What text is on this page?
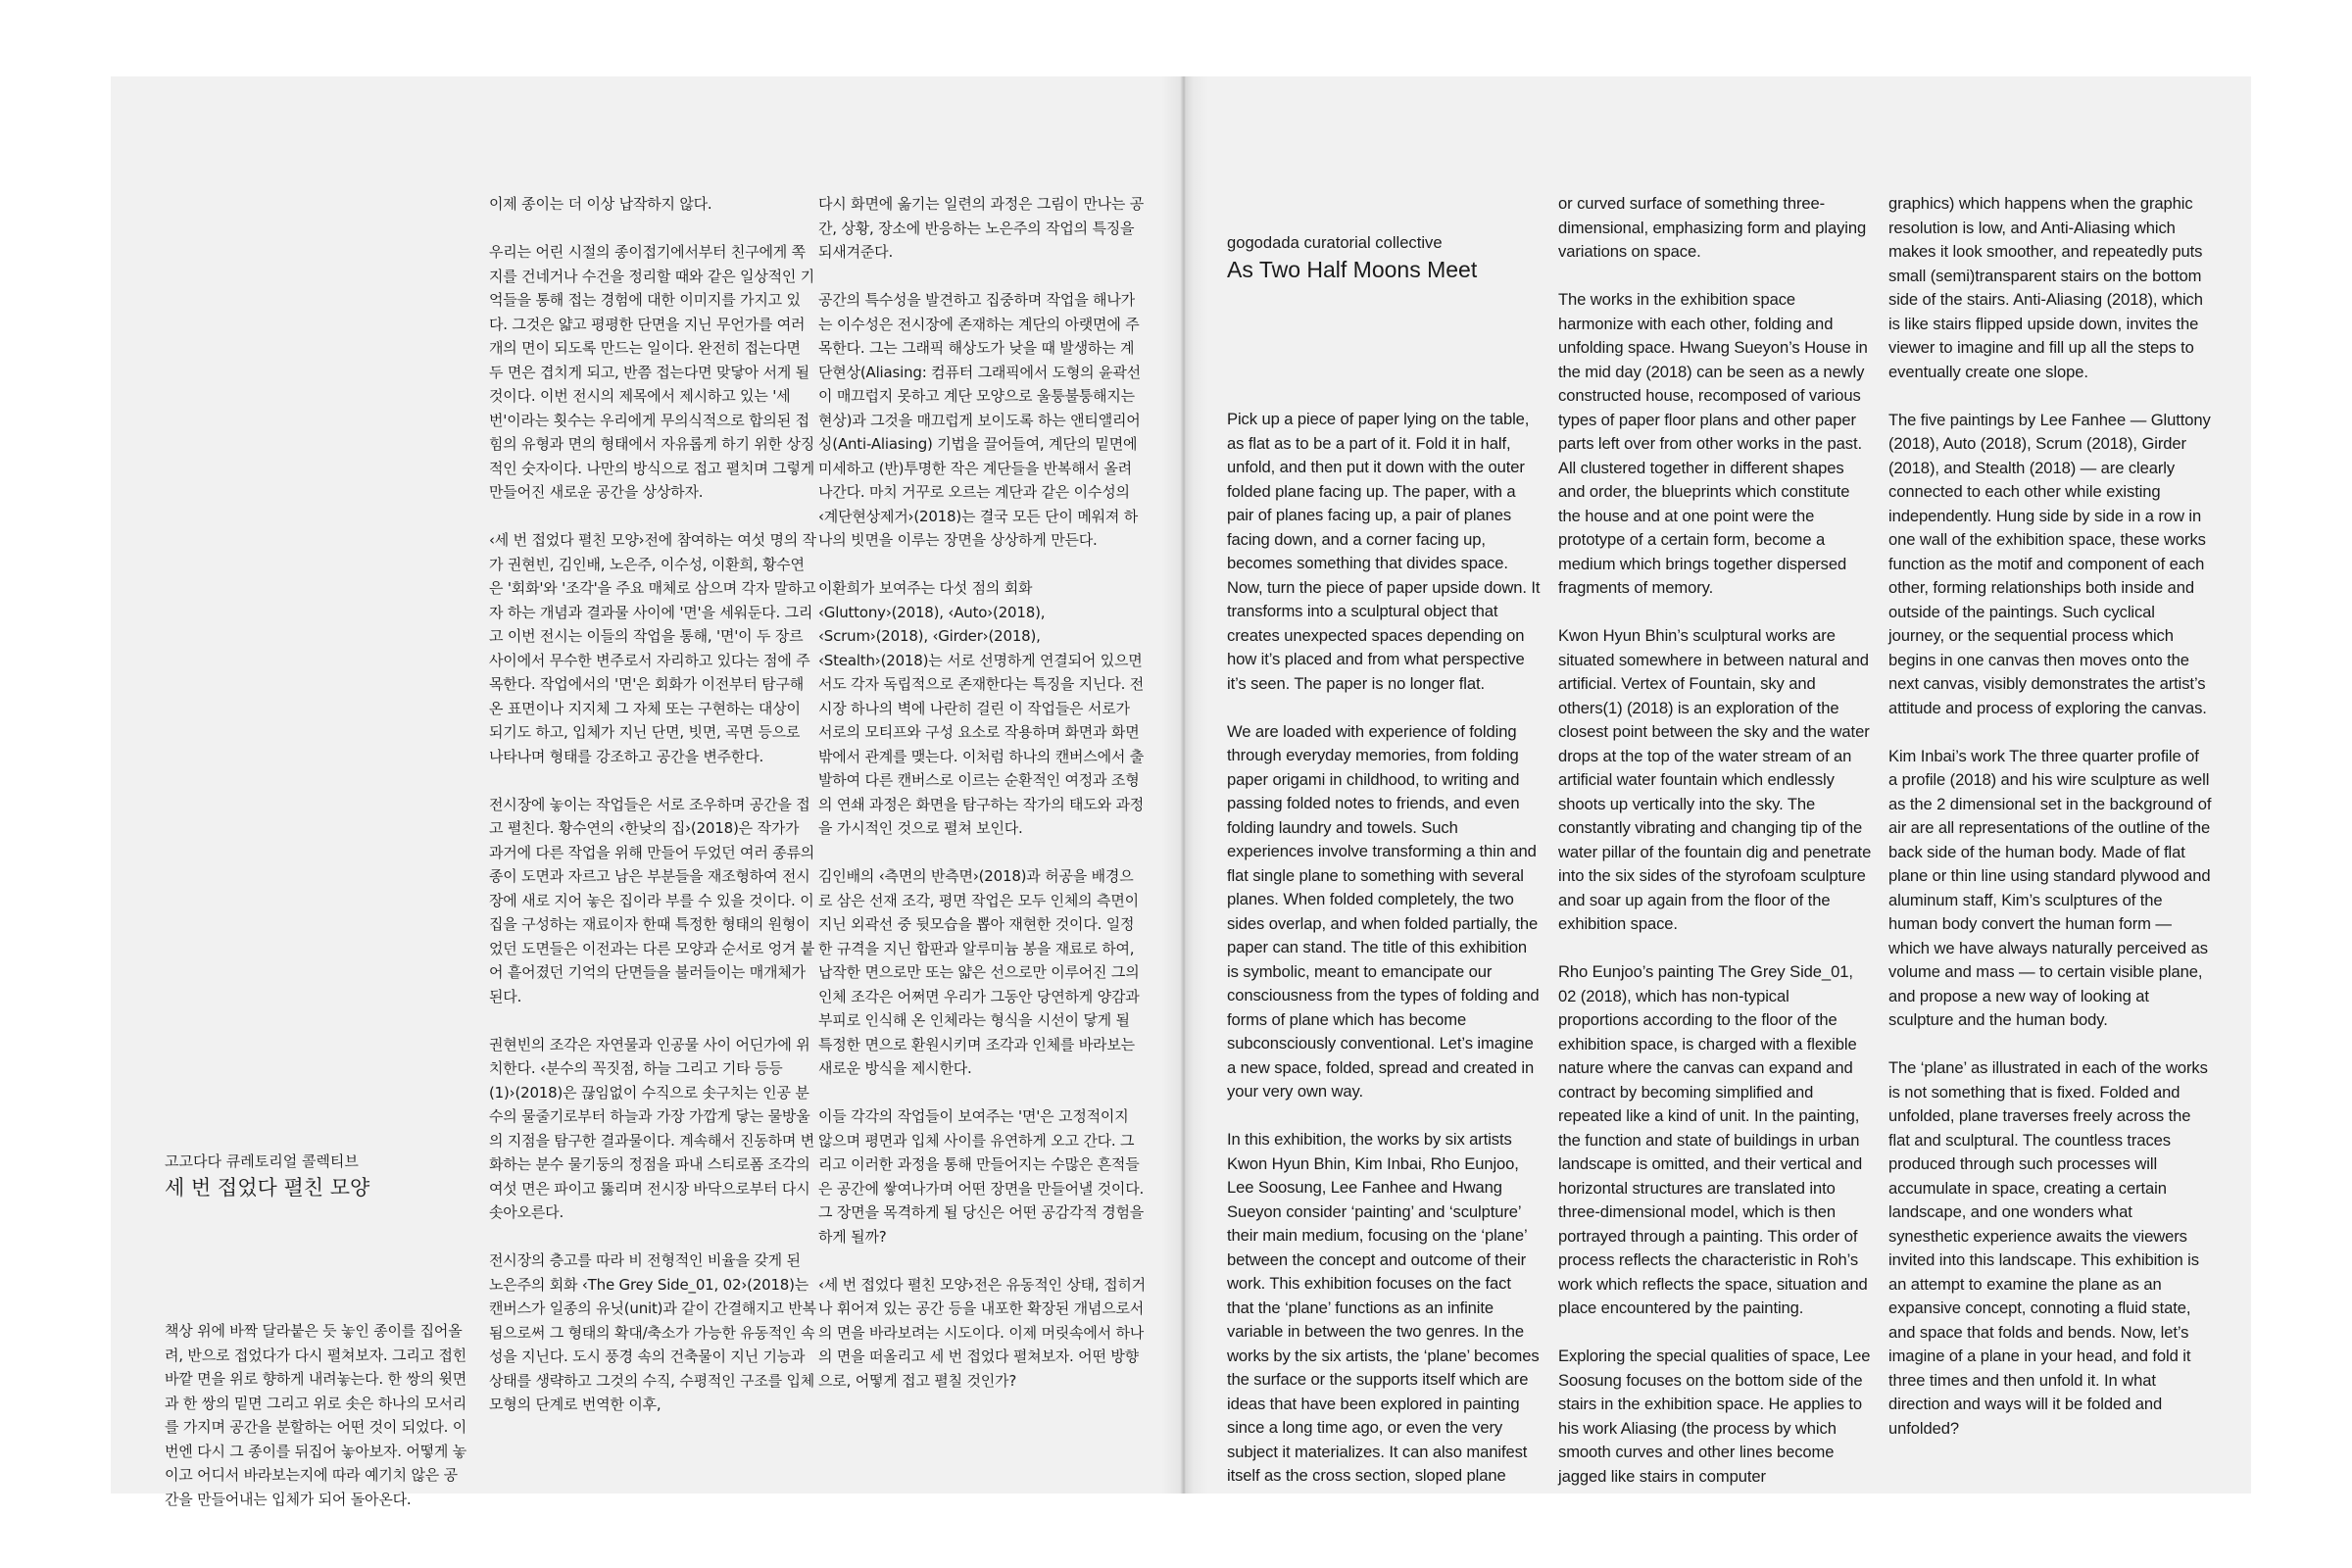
고고다다 큐레토리얼 콜렉티브
세 번 접었다 펼친 모양

책상 위에 바짝 달라붙은 듯 놓인 종이를 집어올려, 반으로 접었다가 다시 펼쳐보자. 그리고 접힌 바깥 면을 위로 향하게 내려놓는다. 한 쌍의 윗면과 한 쌍의 밑면 그리고 위로 솟은 하나의 모서리를 가지며 공간을 분할하는 어떤 것이 되었다. 이번엔 다시 그 종이를 뒤집어 놓아보자. 어떻게 놓이고 어디서 바라보는지에 따라 예기치 않은 공간을 만들어내는 입체가 되어 돌아온다.

이제 종이는 더 이상 납작하지 않다.

우리는 어린 시절의 종이접기에서부터 친구에게 쪽지를 건네거나 수건을 정리할 때와 같은 일상적인 기억들을 통해 접는 경험에 대한 이미지를 가지고 있다. 그것은 얇고 평평한 단면을 지닌 무언가를 여러 개의 면이 되도록 만드는 일이다. 완전히 접는다면 두 면은 겹치게 되고, 반쯤 접는다면 맞닿아 서게 될 것이다. 이번 전시의 제목에서 제시하고 있는 '세 번'이라는 횟수는 우리에게 무의식적으로 합의된 접힘의 유형과 면의 형태에서 자유롭게 하기 위한 상징적인 숫자이다. 나만의 방식으로 접고 펼치며 그렇게 만들어진 새로운 공간을 상상하자.

‹세 번 접었다 펼친 모양›전에 참여하는 여섯 명의 작가 권현빈, 김인배, 노은주, 이수성, 이환희, 황수연은 '회화'와 '조각'을 주요 매체로 삼으며 각자 말하고자 하는 개념과 결과물 사이에 '면'을 세워둔다. 그리고 이번 전시는 이들의 작업을 통해, '면'이 두 장르 사이에서 무수한 변주로서 자리하고 있다는 점에 주목한다. 작업에서의 '면'은 회화가 이전부터 탐구해온 표면이나 지지체 그 자체 또는 구현하는 대상이 되기도 하고, 입체가 지닌 단면, 빗면, 곡면 등으로 나타나며 형태를 강조하고 공간을 변주한다.

전시장에 놓이는 작업들은 서로 조우하며 공간을 접고 펼친다. 황수연의 ‹한낮의 집›(2018)은 작가가 과거에 다른 작업을 위해 만들어 두었던 여러 종류의 종이 도면과 자르고 남은 부분들을 재조형하여 전시장에 새로 지어 놓은 집이라 부를 수 있을 것이다. 이 집을 구성하는 재료이자 한때 특정한 형태의 원형이었던 도면들은 이전과는 다른 모양과 순서로 엉겨 붙어 흩어졌던 기억의 단면들을 불러들이는 매개체가 된다.

권현빈의 조각은 자연물과 인공물 사이 어딘가에 위치한다. ‹분수의 꼭짓점, 하늘 그리고 기타 등등 (1)›(2018)은 끊임없이 수직으로 솟구치는 인공 분수의 물줄기로부터 하늘과 가장 가깝게 닿는 물방울의 지점을 탐구한 결과물이다. 계속해서 진동하며 변화하는 분수 물기둥의 정점을 파내 스티로폼 조각의 여섯 면은 파이고 뚫리며 전시장 바닥으로부터 다시 솟아오른다.

전시장의 층고를 따라 비 전형적인 비율을 갖게 된 노은주의 회화 ‹The Grey Side_01, 02›(2018)는 캔버스가 일종의 유닛(unit)과 같이 간결해지고 반복됨으로써 그 형태의 확대/축소가 가능한 유동적인 속성을 지닌다. 도시 풍경 속의 건축물이 지닌 기능과 상태를 생략하고 그것의 수직, 수평적인 구조를 입체 모형의 단계로 번역한 이후,

다시 화면에 옮기는 일련의 과정은 그림이 만나는 공간, 상황, 장소에 반응하는 노은주의 작업의 특징을 되새겨준다.

공간의 특수성을 발견하고 집중하며 작업을 해나가는 이수성은 전시장에 존재하는 계단의 아랫면에 주목한다. 그는 그래픽 해상도가 낮을 때 발생하는 계단현상(Aliasing: 컴퓨터 그래픽에서 도형의 윤곽선이 매끄럽지 못하고 계단 모양으로 울퉁불퉁해지는 현상)과 그것을 매끄럽게 보이도록 하는 앤티앨리어싱(Anti-Aliasing) 기법을 끌어들여, 계단의 밑면에 미세하고 (반)투명한 작은 계단들을 반복해서 올려 나간다. 마치 거꾸로 오르는 계단과 같은 이수성의 ‹계단현상제거›(2018)는 결국 모든 단이 메워져 하나의 빗면을 이루는 장면을 상상하게 만든다.

이환희가 보여주는 다섯 점의 회화 ‹Gluttony›(2018), ‹Auto›(2018), ‹Scrum›(2018), ‹Girder›(2018), ‹Stealth›(2018)는 서로 선명하게 연결되어 있으면서도 각자 독립적으로 존재한다는 특징을 지닌다. 전시장 하나의 벽에 나란히 걸린 이 작업들은 서로가 서로의 모티프와 구성 요소로 작용하며 화면과 화면 밖에서 관계를 맺는다. 이처럼 하나의 캔버스에서 출발하여 다른 캔버스로 이르는 순환적인 여정과 조형의 연쇄 과정은 화면을 탐구하는 작가의 태도와 과정을 가시적인 것으로 펼쳐 보인다.

김인배의 ‹측면의 반측면›(2018)과 허공을 배경으로 삼은 선재 조각, 평면 작업은 모두 인체의 측면이 지닌 외곽선 중 뒷모습을 뽑아 재현한 것이다. 일정한 규격을 지닌 합판과 알루미늄 봉을 재료로 하여, 납작한 면으로만 또는 얇은 선으로만 이루어진 그의 인체 조각은 어쩌면 우리가 그동안 당연하게 양감과 부피로 인식해 온 인체라는 형식을 시선이 닿게 될 특정한 면으로 환원시키며 조각과 인체를 바라보는 새로운 방식을 제시한다.

이들 각각의 작업들이 보여주는 '면'은 고정적이지 않으며 평면과 입체 사이를 유연하게 오고 간다. 그리고 이러한 과정을 통해 만들어지는 수많은 흔적들은 공간에 쌓여나가며 어떤 장면을 만들어낼 것이다. 그 장면을 목격하게 될 당신은 어떤 공감각적 경험을 하게 될까?

‹세 번 접었다 펼친 모양›전은 유동적인 상태, 접히거나 휘어져 있는 공간 등을 내포한 확장된 개념으로서의 면을 바라보려는 시도이다. 이제 머릿속에서 하나의 면을 떠올리고 세 번 접었다 펼쳐보자. 어떤 방향으로, 어떻게 접고 펼칠 것인가?

gogodada curatorial collective
As Two Half Moons Meet

Pick up a piece of paper lying on the table, as flat as to be a part of it. Fold it in half, unfold, and then put it down with the outer folded plane facing up. The paper, with a pair of planes facing up, a pair of planes facing down, and a corner facing up, becomes something that divides space. Now, turn the piece of paper upside down. It transforms into a sculptural object that creates unexpected spaces depending on how it’s placed and from what perspective it’s seen. The paper is no longer flat.

We are loaded with experience of folding through everyday memories, from folding paper origami in childhood, to writing and passing folded notes to friends, and even folding laundry and towels. Such experiences involve transforming a thin and flat single plane to something with several planes. When folded completely, the two sides overlap, and when folded partially, the paper can stand. The title of this exhibition is symbolic, meant to emancipate our consciousness from the types of folding and forms of plane which has become subconsciously conventional. Let’s imagine a new space, folded, spread and created in your very own way.

In this exhibition, the works by six artists Kwon Hyun Bhin, Kim Inbai, Rho Eunjoo, Lee Soosung, Lee Fanhee and Hwang Sueyon consider ‘painting’ and ‘sculpture’ their main medium, focusing on the ‘plane’ between the concept and outcome of their work. This exhibition focuses on the fact that the ‘plane’ functions as an infinite variable in between the two genres. In the works by the six artists, the ‘plane’ becomes the surface or the supports itself which are ideas that have been explored in painting since a long time ago, or even the very subject it materializes. It can also manifest itself as the cross section, sloped plane

or curved surface of something three-dimensional, emphasizing form and playing variations on space.

The works in the exhibition space harmonize with each other, folding and unfolding space. Hwang Sueyon’s House in the mid day (2018) can be seen as a newly constructed house, recomposed of various types of paper floor plans and other paper parts left over from other works in the past. All clustered together in different shapes and order, the blueprints which constitute the house and at one point were the prototype of a certain form, become a medium which brings together dispersed fragments of memory.

Kwon Hyun Bhin’s sculptural works are situated somewhere in between natural and artificial. Vertex of Fountain, sky and others(1) (2018) is an exploration of the closest point between the sky and the water drops at the top of the water stream of an artificial water fountain which endlessly shoots up vertically into the sky. The constantly vibrating and changing tip of the water pillar of the fountain dig and penetrate into the six sides of the styrofoam sculpture and soar up again from the floor of the exhibition space.

Rho Eunjoo’s painting The Grey Side_01, 02 (2018), which has non-typical proportions according to the floor of the exhibition space, is charged with a flexible nature where the canvas can expand and contract by becoming simplified and repeated like a kind of unit. In the painting, the function and state of buildings in urban landscape is omitted, and their vertical and horizontal structures are translated into three-dimensional model, which is then portrayed through a painting. This order of process reflects the characteristic in Roh’s work which reflects the space, situation and place encountered by the painting.

Exploring the special qualities of space, Lee Soosung focuses on the bottom side of the stairs in the exhibition space. He applies to his work Aliasing (the process by which smooth curves and other lines become jagged like stairs in computer

graphics) which happens when the graphic resolution is low, and Anti-Aliasing which makes it look smoother, and repeatedly puts small (semi)transparent stairs on the bottom side of the stairs. Anti-Aliasing (2018), which is like stairs flipped upside down, invites the viewer to imagine and fill up all the steps to eventually create one slope.

The five paintings by Lee Fanhee — Gluttony (2018), Auto (2018), Scrum (2018), Girder (2018), and Stealth (2018) — are clearly connected to each other while existing independently. Hung side by side in a row in one wall of the exhibition space, these works function as the motif and component of each other, forming relationships both inside and outside of the paintings. Such cyclical journey, or the sequential process which begins in one canvas then moves onto the next canvas, visibly demonstrates the artist’s attitude and process of exploring the canvas.

Kim Inbai’s work The three quarter profile of a profile (2018) and his wire sculpture as well as the 2 dimensional set in the background of air are all representations of the outline of the back side of the human body. Made of flat plane or thin line using standard plywood and aluminum staff, Kim’s sculptures of the human body convert the human form — which we have always naturally perceived as volume and mass — to certain visible plane, and propose a new way of looking at sculpture and the human body.

The ‘plane’ as illustrated in each of the works is not something that is fixed. Folded and unfolded, plane traverses freely across the flat and sculptural. The countless traces produced through such processes will accumulate in space, creating a certain landscape, and one wonders what synesthetic experience awaits the viewers invited into this landscape. This exhibition is an attempt to examine the plane as an expansive concept, connoting a fluid state, and space that folds and bends. Now, let’s imagine of a plane in your head, and fold it three times and then unfold it. In what direction and ways will it be folded and unfolded?
